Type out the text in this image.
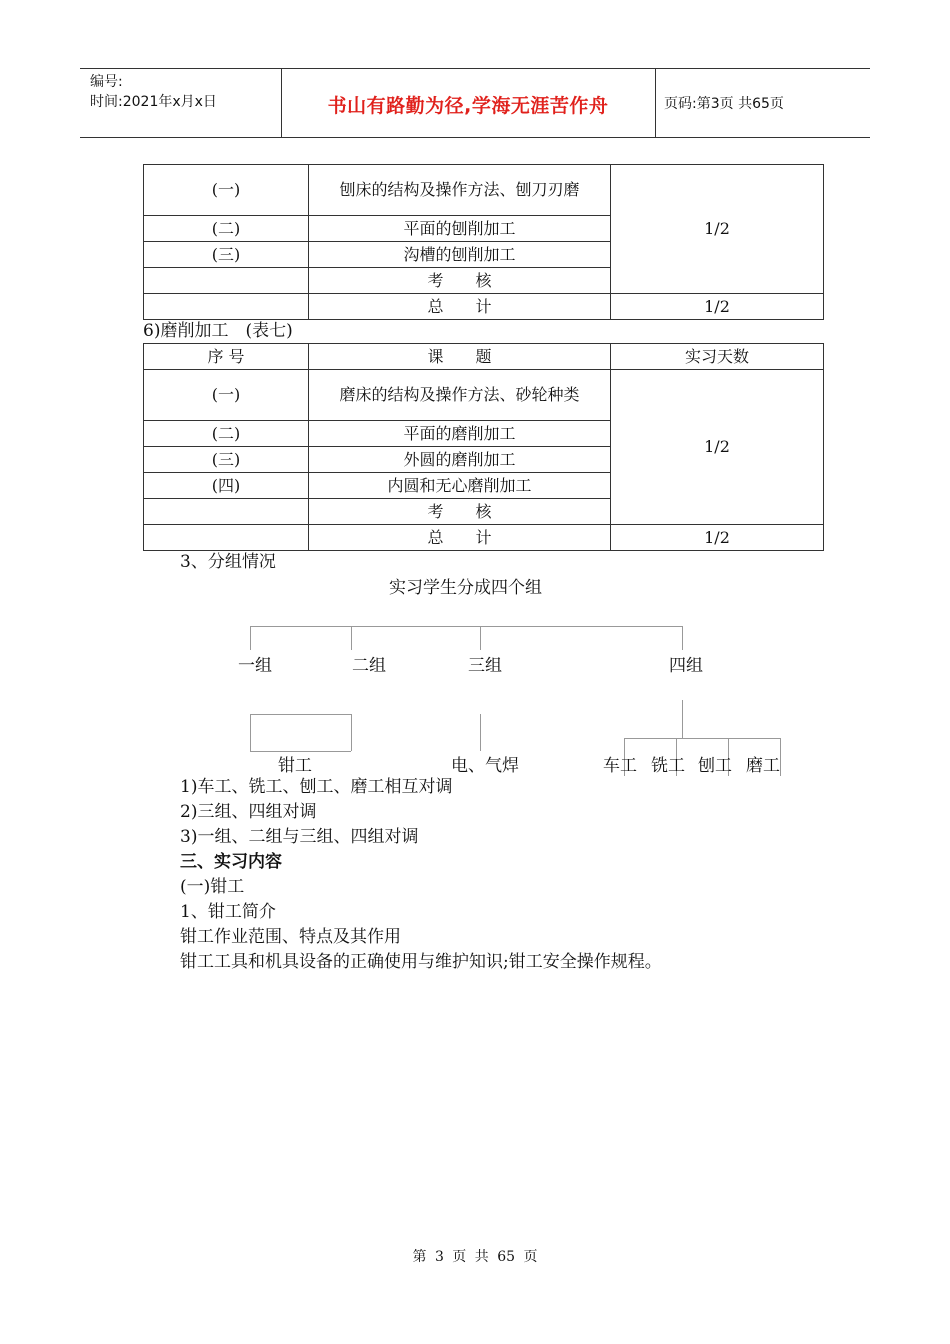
编号:
时间:2021年x月x日	书山有路勤为径,学海无涯苦作舟	页码:第3页 共65页
(一)	刨床的结构及操作方法、刨刀刃磨	1/2
(二)	平面的刨削加工	
(三)	沟槽的刨削加工	
	考　　核	
	总　　计	1/2
6)磨削加工　(表七)
序 号	课　　题	实习天数
(一)	磨床的结构及操作方法、砂轮种类	1/2
(二)	平面的磨削加工	
(三)	外圆的磨削加工	
(四)	内圆和无心磨削加工	
	考　　核	
	总　　计	1/2
3、分组情况
实习学生分成四个组
一组	二组	三组	四组
钳工	电、气焊	车工 铣工 刨工 磨工
1)车工、铣工、刨工、磨工相互对调
2)三组、四组对调
3)一组、二组与三组、四组对调
三、实习内容
(一)钳工
1、钳工简介
钳工作业范围、特点及其作用
钳工工具和机具设备的正确使用与维护知识;钳工安全操作规程。
第 3 页 共 65 页
